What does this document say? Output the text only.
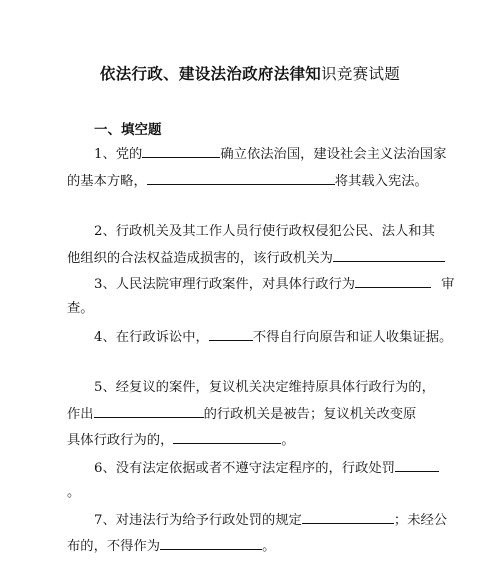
依法行政、建设法治政府法律知识竞赛试题
一、填空题
1、党的	确立依法治国，建设社会主义法治国家
的基本方略，	将其载入宪法。
2、行政机关及其工作人员行使行政权侵犯公民、法人和其
他组织的合法权益造成损害的，该行政机关为
3、人民法院审理行政案件，对具体行政行为	审
查。
4、在行政诉讼中，	不得自行向原告和证人收集证据。
5、经复议的案件，复议机关决定维持原具体行政行为的，
作出	的行政机关是被告；复议机关改变原
具体行政行为的，	。
6、没有法定依据或者不遵守法定程序的，行政处罚
。
7、对违法行为给予行政处罚的规定	；未经公
布的，不得作为	。
